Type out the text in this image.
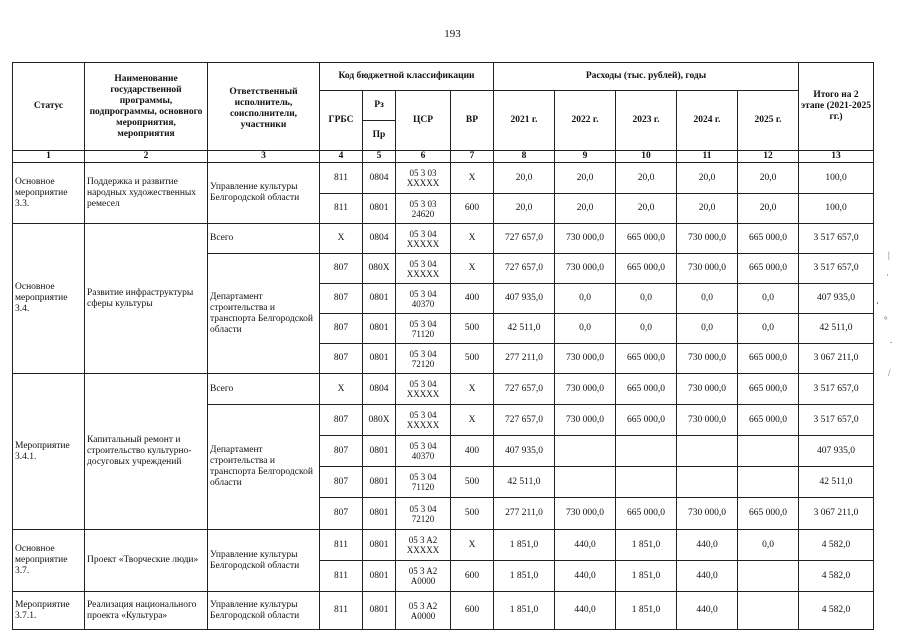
193
Статус	Наименование государственной программы, подпрограммы, основного мероприятия, мероприятия	Ответственный исполнитель, соисполнители, участники	Код бюджетной классификации				Расходы (тыс. рублей), годы					Итого на 2 этапе (2021-2025 гг.)
			ГРБС	Рз	ЦСР	ВР	2021 г.	2022 г.	2023 г.	2024 г.	2025 г.	
				Пр								
1	2	3	4	5	6	7	8	9	10	11	12	13
Основное мероприятие 3.3.	Поддержка и развитие народных художественных ремесел	Управление культуры Белгородской области	811	0804	05 3 03 XXXXX	X	20,0	20,0	20,0	20,0	20,0	100,0
			811	0801	05 3 03 24620	600	20,0	20,0	20,0	20,0	20,0	100,0
Основное мероприятие 3.4.	Развитие инфраструктуры сферы культуры	Всего	X	0804	05 3 04 XXXXX	X	727 657,0	730 000,0	665 000,0	730 000,0	665 000,0	3 517 657,0
		Департамент строительства и транспорта Белгородской области	807	080X	05 3 04 XXXXX	X	727 657,0	730 000,0	665 000,0	730 000,0	665 000,0	3 517 657,0
			807	0801	05 3 04 40370	400	407 935,0	0,0	0,0	0,0	0,0	407 935,0
			807	0801	05 3 04 71120	500	42 511,0	0,0	0,0	0,0	0,0	42 511,0
			807	0801	05 3 04 72120	500	277 211,0	730 000,0	665 000,0	730 000,0	665 000,0	3 067 211,0
Мероприятие 3.4.1.	Капитальный ремонт и строительство культурно-досуговых учреждений	Всего	X	0804	05 3 04 XXXXX	X	727 657,0	730 000,0	665 000,0	730 000,0	665 000,0	3 517 657,0
		Департамент строительства и транспорта Белгородской области	807	080X	05 3 04 XXXXX	X	727 657,0	730 000,0	665 000,0	730 000,0	665 000,0	3 517 657,0
			807	0801	05 3 04 40370	400	407 935,0					407 935,0
			807	0801	05 3 04 71120	500	42 511,0					42 511,0
			807	0801	05 3 04 72120	500	277 211,0	730 000,0	665 000,0	730 000,0	665 000,0	3 067 211,0
Основное мероприятие 3.7.	Проект «Творческие люди»	Управление культуры Белгородской области	811	0801	05 3 A2 XXXXX	X	1 851,0	440,0	1 851,0	440,0	0,0	4 582,0
			811	0801	05 3 A2 A0000	600	1 851,0	440,0	1 851,0	440,0		4 582,0
Мероприятие 3.7.1.	Реализация национального проекта «Культура»	Управление культуры Белгородской области	811	0801	05 3 A2 A0000	600	1 851,0	440,0	1 851,0	440,0		4 582,0
|
·
‘
°
.
/
